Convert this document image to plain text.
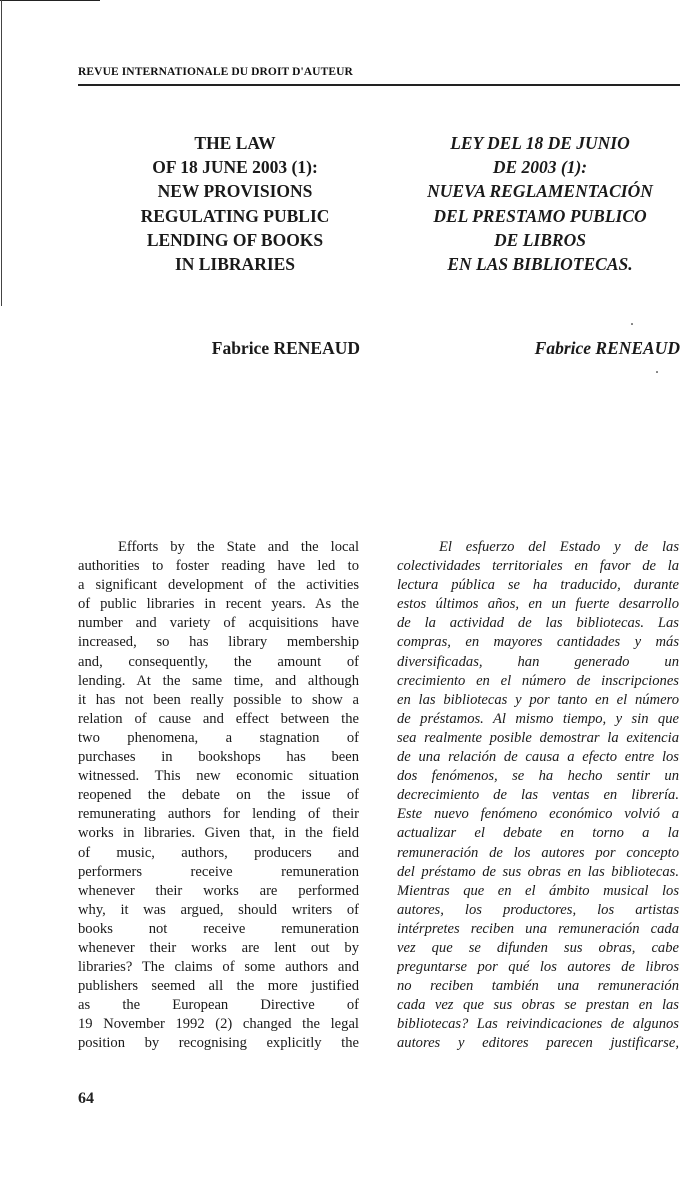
REVUE INTERNATIONALE DU DROIT D'AUTEUR
THE LAW
OF 18 JUNE 2003 (1):
NEW PROVISIONS
REGULATING PUBLIC
LENDING OF BOOKS
IN LIBRARIES
LEY DEL 18 DE JUNIO
DE 2003 (1):
NUEVA REGLAMENTACIÓN
DEL PRESTAMO PUBLICO
DE LIBROS
EN LAS BIBLIOTECAS.
Fabrice RENEAUD	Fabrice RENEAUD
Efforts by the State and the local
authorities to foster reading have led to
a significant development of the activities
of public libraries in recent years. As the
number and variety of acquisitions have
increased, so has library membership
and, consequently, the amount of
lending. At the same time, and although
it has not been really possible to show a
relation of cause and effect between the
two phenomena, a stagnation of
purchases in bookshops has been
witnessed. This new economic situation
reopened the debate on the issue of
remunerating authors for lending of their
works in libraries. Given that, in the field
of music, authors, producers and
performers receive remuneration
whenever their works are performed
why, it was argued, should writers of
books not receive remuneration
whenever their works are lent out by
libraries? The claims of some authors and
publishers seemed all the more justified
as the European Directive of
19 November 1992 (2) changed the legal
position by recognising explicitly the
El esfuerzo del Estado y de las
colectividades territoriales en favor de la
lectura pública se ha traducido, durante
estos últimos años, en un fuerte desarrollo
de la actividad de las bibliotecas. Las
compras, en mayores cantidades y más
diversificadas, han generado un
crecimiento en el número de inscripciones
en las bibliotecas y por tanto en el número
de préstamos. Al mismo tiempo, y sin que
sea realmente posible demostrar la exitencia
de una relación de causa a efecto entre los
dos fenómenos, se ha hecho sentir un
decrecimiento de las ventas en librería.
Este nuevo fenómeno económico volvió a
actualizar el debate en torno a la
remuneración de los autores por concepto
del préstamo de sus obras en las bibliotecas.
Mientras que en el ámbito musical los
autores, los productores, los artistas
intérpretes reciben una remuneración cada
vez que se difunden sus obras, cabe
preguntarse por qué los autores de libros
no reciben también una remuneración
cada vez que sus obras se prestan en las
bibliotecas? Las reivindicaciones de algunos
autores y editores parecen justificarse,
64
